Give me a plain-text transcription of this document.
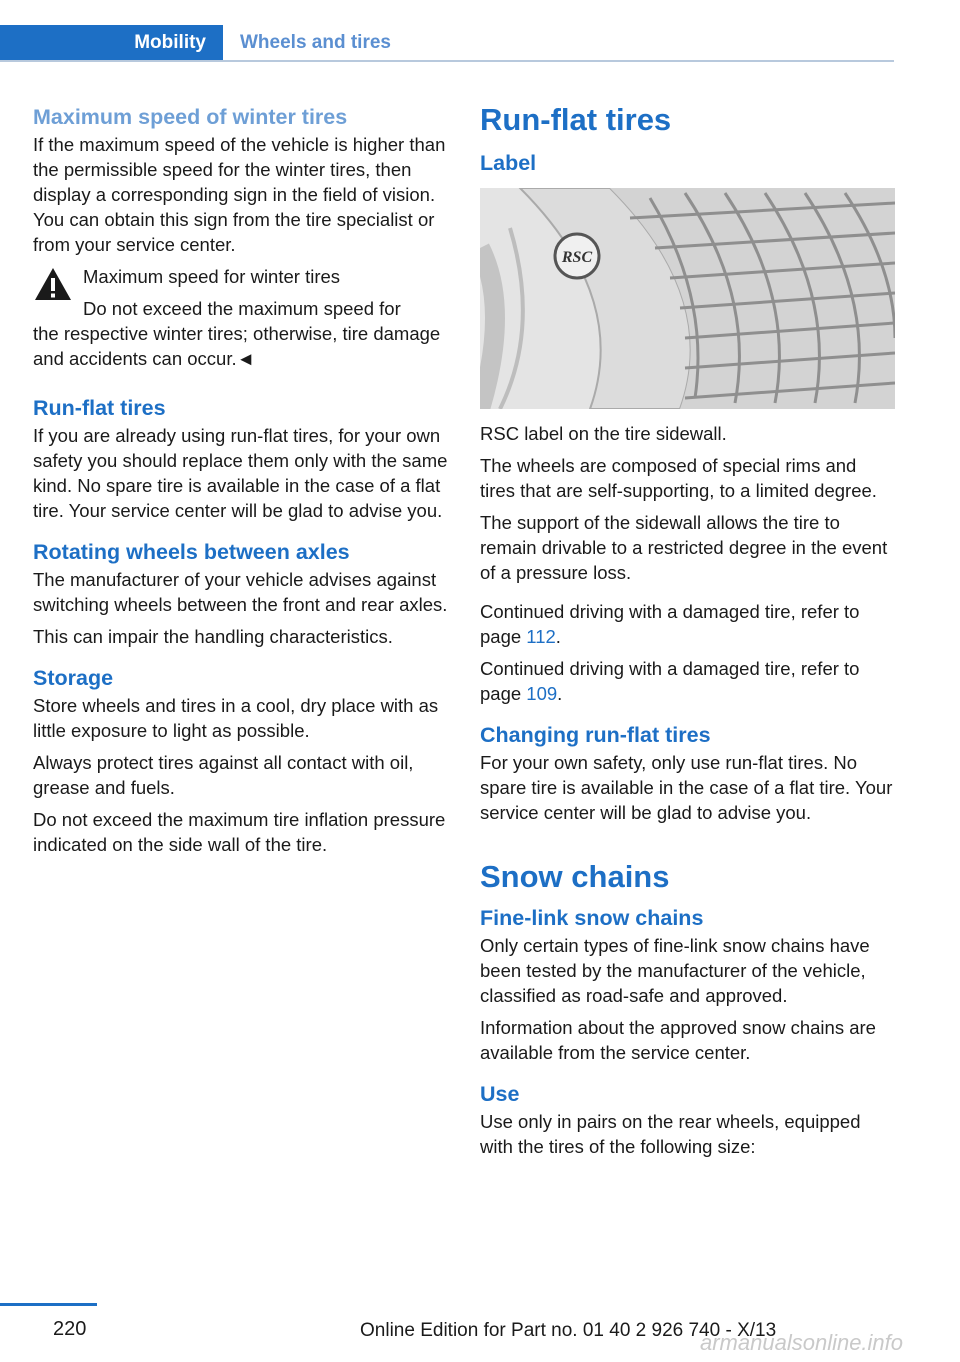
Mobility	Wheels and tires
Maximum speed of winter tires

If the maximum speed of the vehicle is higher than the permissible speed for the winter tires, then display a corresponding sign in the field of vision. You can obtain this sign from the tire specialist or from your service center.

Maximum speed for winter tires

Do not exceed the maximum speed for

the respective winter tires; otherwise, tire damage and accidents can occur.◄

Run-flat tires

If you are already using run-flat tires, for your own safety you should replace them only with the same kind. No spare tire is available in the case of a flat tire. Your service center will be glad to advise you.

Rotating wheels between axles

The manufacturer of your vehicle advises against switching wheels between the front and rear axles.

This can impair the handling characteristics.

Storage

Store wheels and tires in a cool, dry place with as little exposure to light as possible.

Always protect tires against all contact with oil, grease and fuels.

Do not exceed the maximum tire inflation pressure indicated on the side wall of the tire.

Run-flat tires
Label
RSC

RSC label on the tire sidewall.

The wheels are composed of special rims and tires that are self-supporting, to a limited degree.

The support of the sidewall allows the tire to remain drivable to a restricted degree in the event of a pressure loss.

Continued driving with a damaged tire, refer to page 112.

Continued driving with a damaged tire, refer to page 109.

Changing run-flat tires

For your own safety, only use run-flat tires. No spare tire is available in the case of a flat tire. Your service center will be glad to advise you.

Snow chains
Fine-link snow chains

Only certain types of fine-link snow chains have been tested by the manufacturer of the vehicle, classified as road-safe and approved.

Information about the approved snow chains are available from the service center.

Use

Use only in pairs on the rear wheels, equipped with the tires of the following size:

220	Online Edition for Part no. 01 40 2 926 740 - X/13
armanualsonline.info
